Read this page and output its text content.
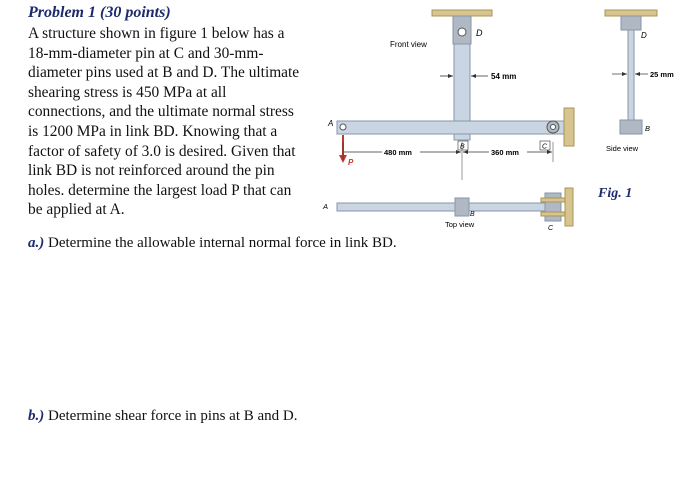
Problem 1 (30 points)
A structure shown in figure 1 below has a
18-mm-diameter pin at C and 30-mm-
diameter pins used at B and D. The ultimate
shearing stress is 450 MPa at all
connections, and the ultimate normal stress
is 1200 MPa in link BD. Knowing that a
factor of safety of 3.0 is desired. Given that
link BD is not reinforced around the pin
holes. determine the largest load P that can
be applied at A.
a.) Determine the allowable internal normal force in link BD.
b.) Determine shear force in pins at B and D.
D
54 mm
Front view
A
P
B	C
480 mm	360 mm
A
B
Top view	C
D
B
25 mm
Side view
Fig. 1
